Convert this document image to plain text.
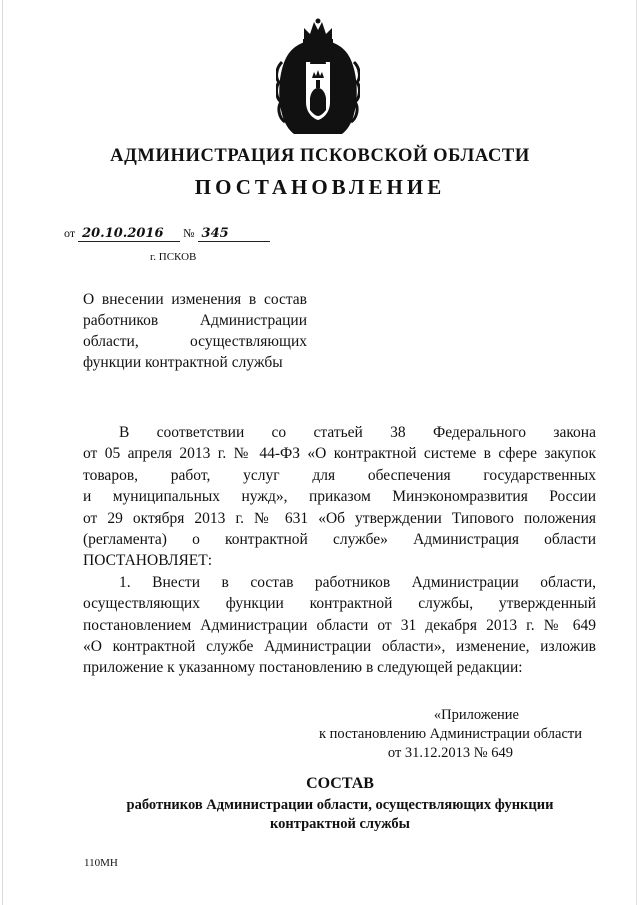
АДМИНИСТРАЦИЯ ПСКОВСКОЙ ОБЛАСТИ
ПОСТАНОВЛЕНИЕ
от 20.10.2016 № 345
г. ПСКОВ
О внесении изменения в состав
работников Администрации
области, осуществляющих
функции контрактной службы
В соответствии со статьей 38 Федерального закона
от 05 апреля 2013 г. № 44-ФЗ «О контрактной системе в сфере закупок
товаров, работ, услуг для обеспечения государственных
и муниципальных нужд», приказом Минэкономразвития России
от 29 октября 2013 г. № 631 «Об утверждении Типового положения
(регламента) о контрактной службе» Администрация области
ПОСТАНОВЛЯЕТ:
1. Внести в состав работников Администрации области,
осуществляющих функции контрактной службы, утвержденный
постановлением Администрации области от 31 декабря 2013 г. № 649
«О контрактной службе Администрации области», изменение, изложив
приложение к указанному постановлению в следующей редакции:
«Приложение
к постановлению Администрации области
от 31.12.2013 № 649
СОСТАВ
работников Администрации области, осуществляющих функции
контрактной службы
110МН
